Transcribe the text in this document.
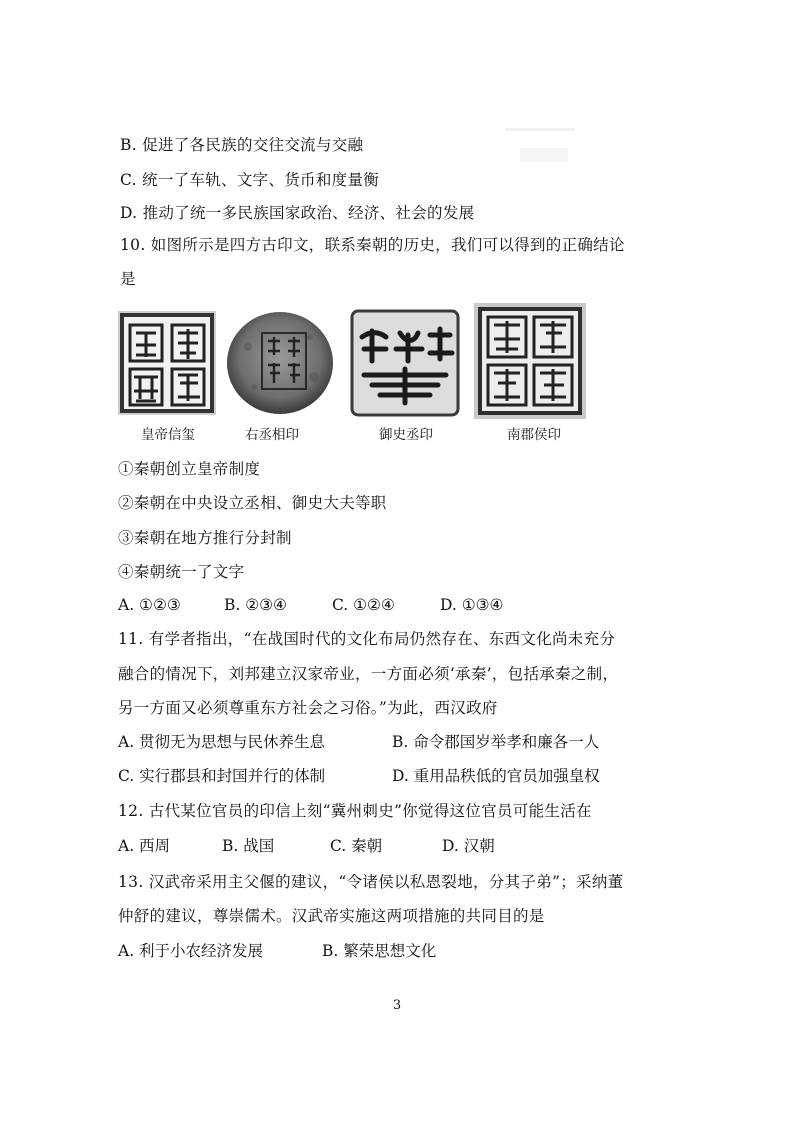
B. 促进了各民族的交往交流与交融
C. 统一了车轨、文字、货币和度量衡
D. 推动了统一多民族国家政治、经济、社会的发展
10. 如图所示是四方古印文，联系秦朝的历史，我们可以得到的正确结论
是
皇帝信玺	右丞相印	御史丞印	南郡侯印
①秦朝创立皇帝制度
②秦朝在中央设立丞相、御史大夫等职
③秦朝在地方推行分封制
④秦朝统一了文字
A. ①②③	B. ②③④	C. ①②④	D. ①③④
11. 有学者指出，“在战国时代的文化布局仍然存在、东西文化尚未充分
融合的情况下，刘邦建立汉家帝业，一方面必须‘承秦’，包括承秦之制，
另一方面又必须尊重东方社会之习俗。”为此，西汉政府
A. 贯彻无为思想与民休养生息	B. 命令郡国岁举孝和廉各一人
C. 实行郡县和封国并行的体制	D. 重用品秩低的官员加强皇权
12. 古代某位官员的印信上刻“冀州刺史”你觉得这位官员可能生活在
A. 西周	B. 战国	C. 秦朝	D. 汉朝
13. 汉武帝采用主父偃的建议，“令诸侯以私恩裂地，分其子弟”；采纳董
仲舒的建议，尊崇儒术。汉武帝实施这两项措施的共同目的是
A. 利于小农经济发展	B. 繁荣思想文化
3
